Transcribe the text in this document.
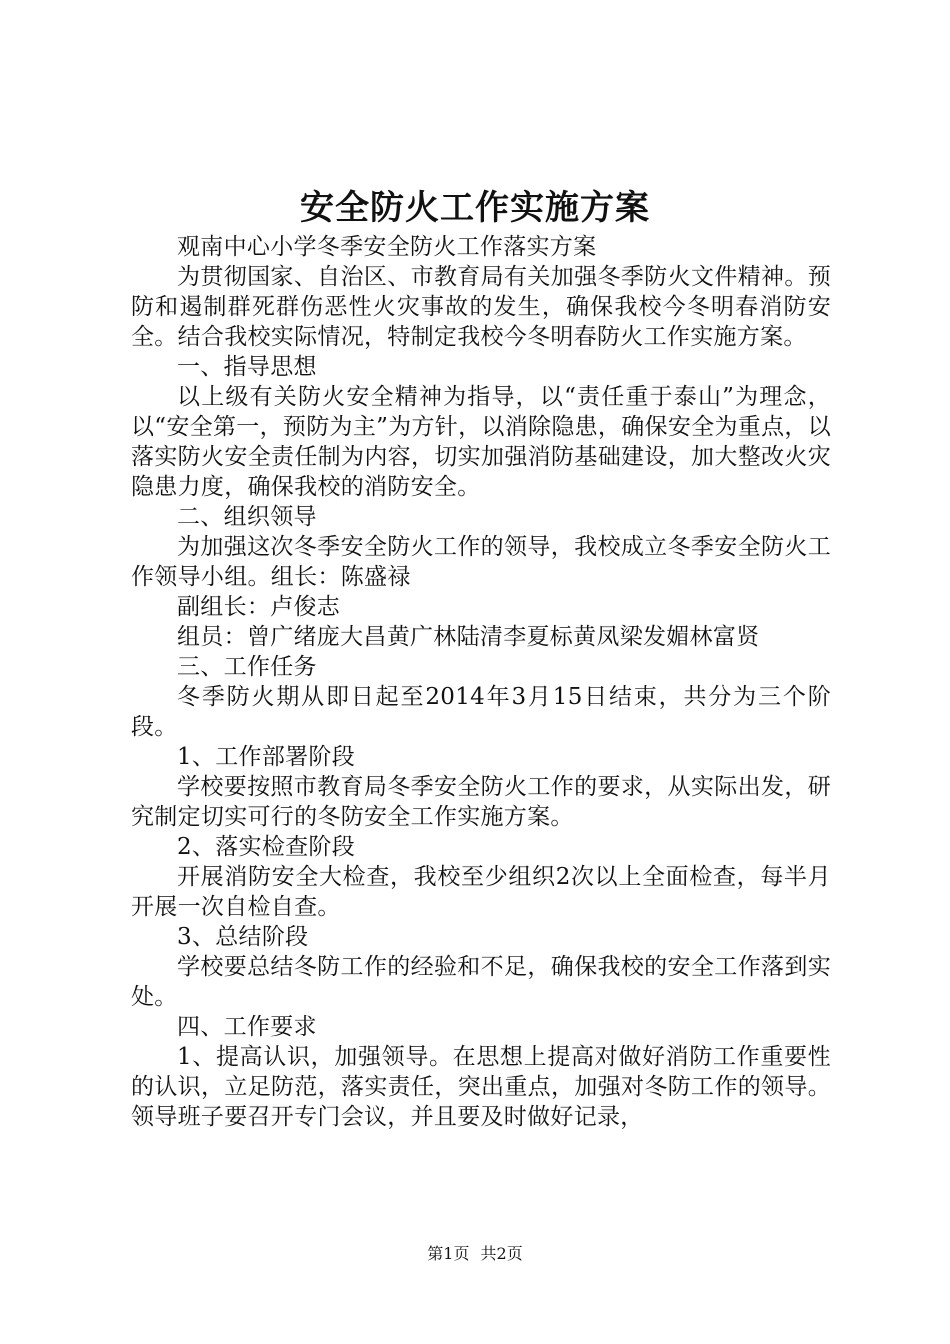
安全防火工作实施方案

观南中心小学冬季安全防火工作落实方案

为贯彻国家、自治区、市教育局有关加强冬季防火文件精神。预防和遏制群死群伤恶性火灾事故的发生，确保我校今冬明春消防安全。结合我校实际情况，特制定我校今冬明春防火工作实施方案。

一、指导思想

以上级有关防火安全精神为指导，以“责任重于泰山”为理念，以“安全第一，预防为主”为方针，以消除隐患，确保安全为重点，以落实防火安全责任制为内容，切实加强消防基础建设，加大整改火灾隐患力度，确保我校的消防安全。

二、组织领导

为加强这次冬季安全防火工作的领导，我校成立冬季安全防火工作领导小组。组长：陈盛禄

副组长：卢俊志

组员：曾广绪庞大昌黄广林陆清李夏标黄凤梁发媚林富贤

三、工作任务

冬季防火期从即日起至2014年3月15日结束，共分为三个阶段。

1、工作部署阶段

学校要按照市教育局冬季安全防火工作的要求，从实际出发，研究制定切实可行的冬防安全工作实施方案。

2、落实检查阶段

开展消防安全大检查，我校至少组织2次以上全面检查，每半月开展一次自检自查。

3、总结阶段

学校要总结冬防工作的经验和不足，确保我校的安全工作落到实处。

四、工作要求

1、提高认识，加强领导。在思想上提高对做好消防工作重要性的认识，立足防范，落实责任，突出重点，加强对冬防工作的领导。领导班子要召开专门会议，并且要及时做好记录，

第1页 共2页
